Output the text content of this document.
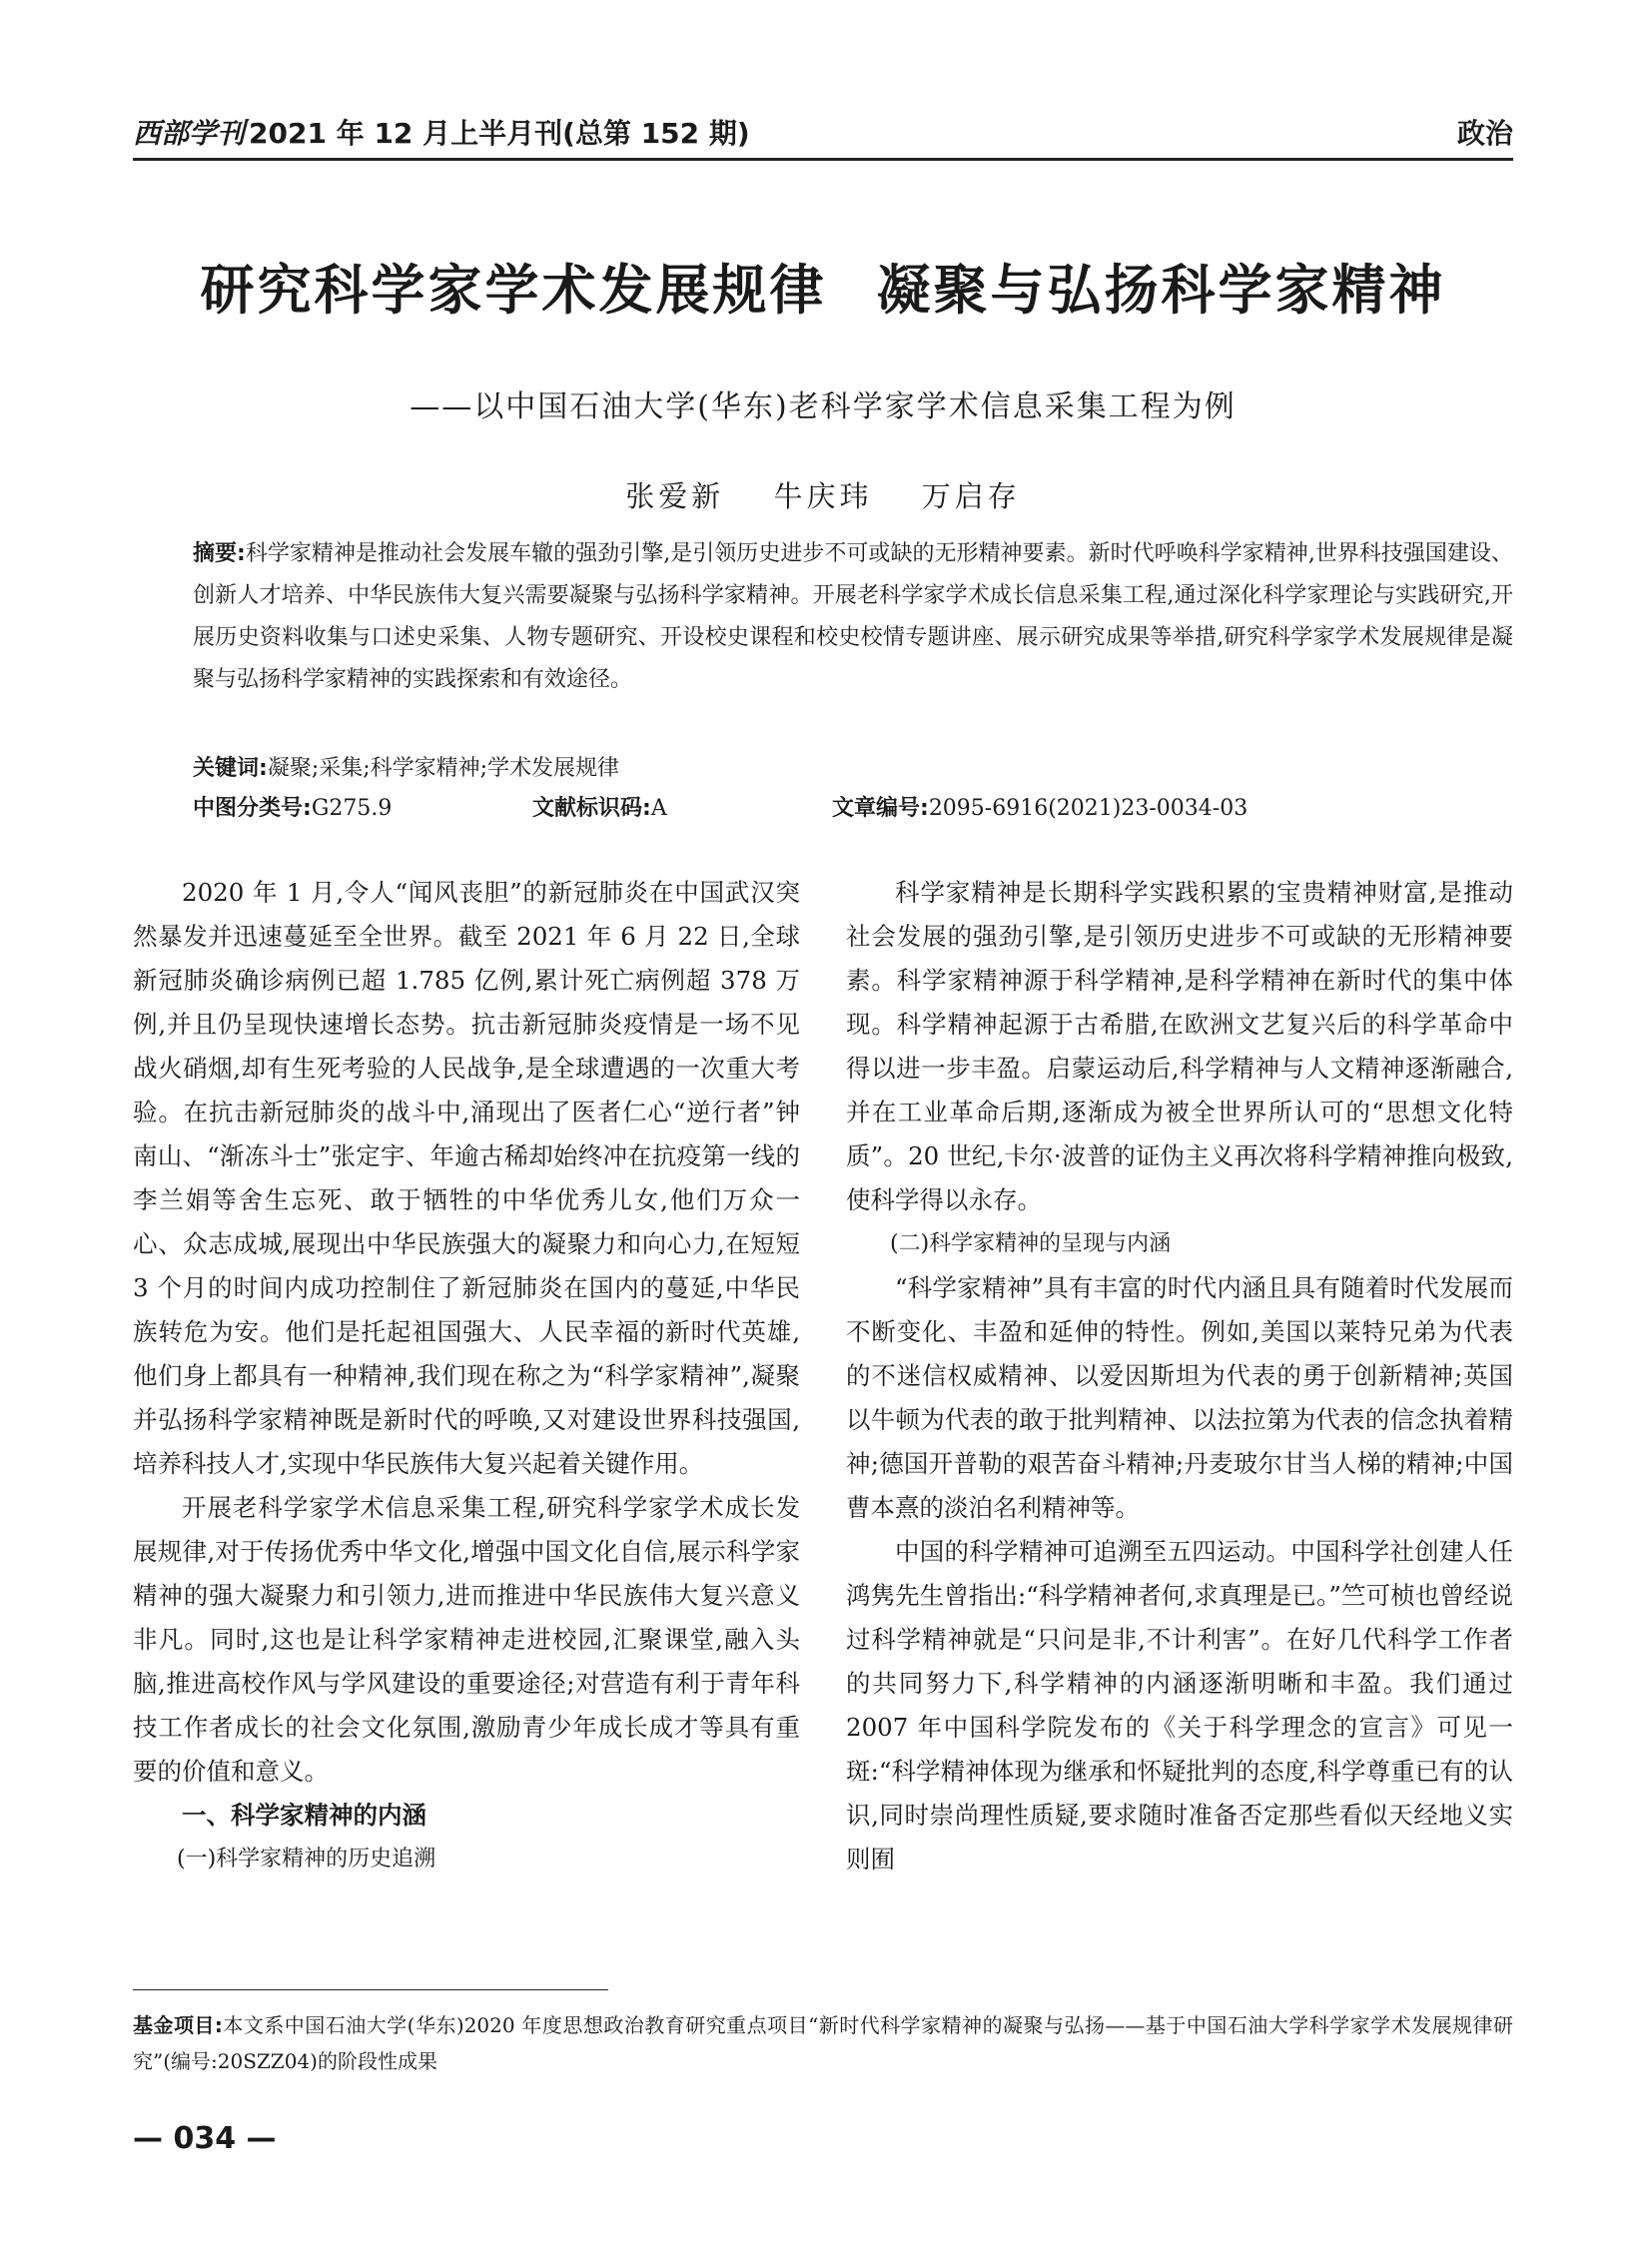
西部学刊 2021 年 12 月上半月刊(总第 152 期)	政治
研究科学家学术发展规律 凝聚与弘扬科学家精神
——以中国石油大学(华东)老科学家学术信息采集工程为例
张爱新 牛庆玮 万启存
摘要:科学家精神是推动社会发展车辙的强劲引擎,是引领历史进步不可或缺的无形精神要素。新时代呼唤科学家精神,世界科技强国建设、创新人才培养、中华民族伟大复兴需要凝聚与弘扬科学家精神。开展老科学家学术成长信息采集工程,通过深化科学家理论与实践研究,开展历史资料收集与口述史采集、人物专题研究、开设校史课程和校史校情专题讲座、展示研究成果等举措,研究科学家学术发展规律是凝聚与弘扬科学家精神的实践探索和有效途径。
关键词:凝聚;采集;科学家精神;学术发展规律
中图分类号:G275.9	文献标识码:A	文章编号:2095-6916(2021)23-0034-03

2020 年 1 月,令人“闻风丧胆”的新冠肺炎在中国武汉突然暴发并迅速蔓延至全世界。截至 2021 年 6 月 22 日,全球新冠肺炎确诊病例已超 1.785 亿例,累计死亡病例超 378 万例,并且仍呈现快速增长态势。抗击新冠肺炎疫情是一场不见战火硝烟,却有生死考验的人民战争,是全球遭遇的一次重大考验。在抗击新冠肺炎的战斗中,涌现出了医者仁心“逆行者”钟南山、“渐冻斗士”张定宇、年逾古稀却始终冲在抗疫第一线的李兰娟等舍生忘死、敢于牺牲的中华优秀儿女,他们万众一心、众志成城,展现出中华民族强大的凝聚力和向心力,在短短 3 个月的时间内成功控制住了新冠肺炎在国内的蔓延,中华民族转危为安。他们是托起祖国强大、人民幸福的新时代英雄,他们身上都具有一种精神,我们现在称之为“科学家精神”,凝聚并弘扬科学家精神既是新时代的呼唤,又对建设世界科技强国,培养科技人才,实现中华民族伟大复兴起着关键作用。

开展老科学家学术信息采集工程,研究科学家学术成长发展规律,对于传扬优秀中华文化,增强中国文化自信,展示科学家精神的强大凝聚力和引领力,进而推进中华民族伟大复兴意义非凡。同时,这也是让科学家精神走进校园,汇聚课堂,融入头脑,推进高校作风与学风建设的重要途径;对营造有利于青年科技工作者成长的社会文化氛围,激励青少年成长成才等具有重要的价值和意义。

一、科学家精神的内涵

(一)科学家精神的历史追溯

科学家精神是长期科学实践积累的宝贵精神财富,是推动社会发展的强劲引擎,是引领历史进步不可或缺的无形精神要素。科学家精神源于科学精神,是科学精神在新时代的集中体现。科学精神起源于古希腊,在欧洲文艺复兴后的科学革命中得以进一步丰盈。启蒙运动后,科学精神与人文精神逐渐融合,并在工业革命后期,逐渐成为被全世界所认可的“思想文化特质”。20 世纪,卡尔·波普的证伪主义再次将科学精神推向极致,使科学得以永存。

(二)科学家精神的呈现与内涵

“科学家精神”具有丰富的时代内涵且具有随着时代发展而不断变化、丰盈和延伸的特性。例如,美国以莱特兄弟为代表的不迷信权威精神、以爱因斯坦为代表的勇于创新精神;英国以牛顿为代表的敢于批判精神、以法拉第为代表的信念执着精神;德国开普勒的艰苦奋斗精神;丹麦玻尔甘当人梯的精神;中国曹本熹的淡泊名利精神等。

中国的科学精神可追溯至五四运动。中国科学社创建人任鸿隽先生曾指出:“科学精神者何,求真理是已。”竺可桢也曾经说过科学精神就是“只问是非,不计利害”。在好几代科学工作者的共同努力下,科学精神的内涵逐渐明晰和丰盈。我们通过 2007 年中国科学院发布的《关于科学理念的宣言》可见一斑:“科学精神体现为继承和怀疑批判的态度,科学尊重已有的认识,同时崇尚理性质疑,要求随时准备否定那些看似天经地义实则囿

基金项目:本文系中国石油大学(华东)2020 年度思想政治教育研究重点项目“新时代科学家精神的凝聚与弘扬——基于中国石油大学科学家学术发展规律研究”(编号:20SZZ04)的阶段性成果
— 034 —
